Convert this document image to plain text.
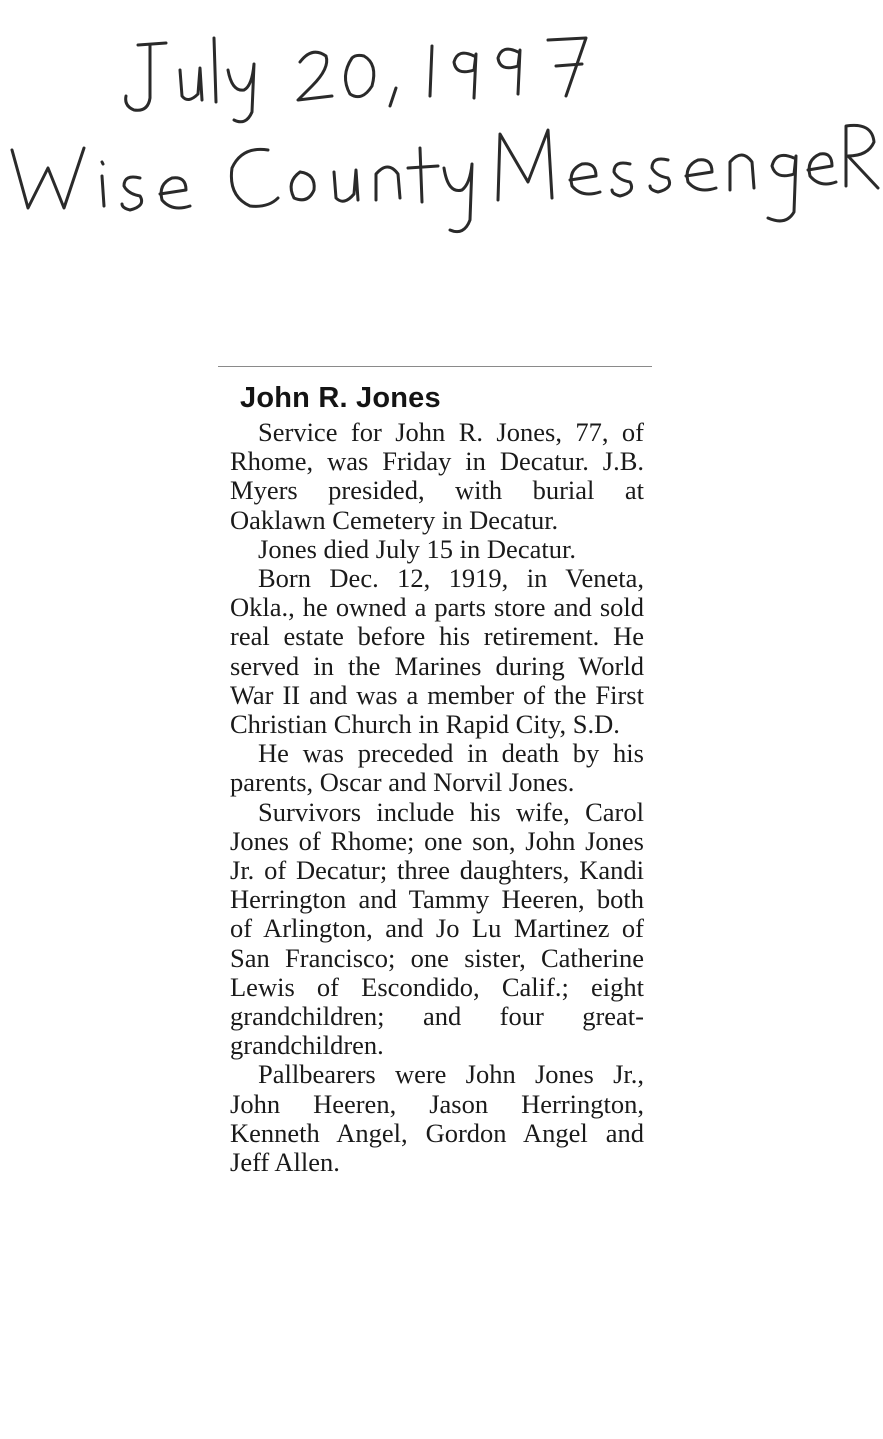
John R. Jones

Service for John R. Jones, 77, of Rhome, was Friday in Decatur. J.B. Myers presided, with burial at Oaklawn Cemetery in Decatur.

Jones died July 15 in Decatur.

Born Dec. 12, 1919, in Veneta, Okla., he owned a parts store and sold real estate before his retirement. He served in the Marines during World War II and was a member of the First Christian Church in Rapid City, S.D.

He was preceded in death by his parents, Oscar and Norvil Jones.

Survivors include his wife, Carol Jones of Rhome; one son, John Jones Jr. of Decatur; three daughters, Kandi Herrington and Tammy Heeren, both of Arlington, and Jo Lu Martinez of San Francisco; one sister, Catherine Lewis of Escondido, Calif.; eight grandchildren; and four great-grandchildren.

Pallbearers were John Jones Jr., John Heeren, Jason Herrington, Kenneth Angel, Gordon Angel and Jeff Allen.
